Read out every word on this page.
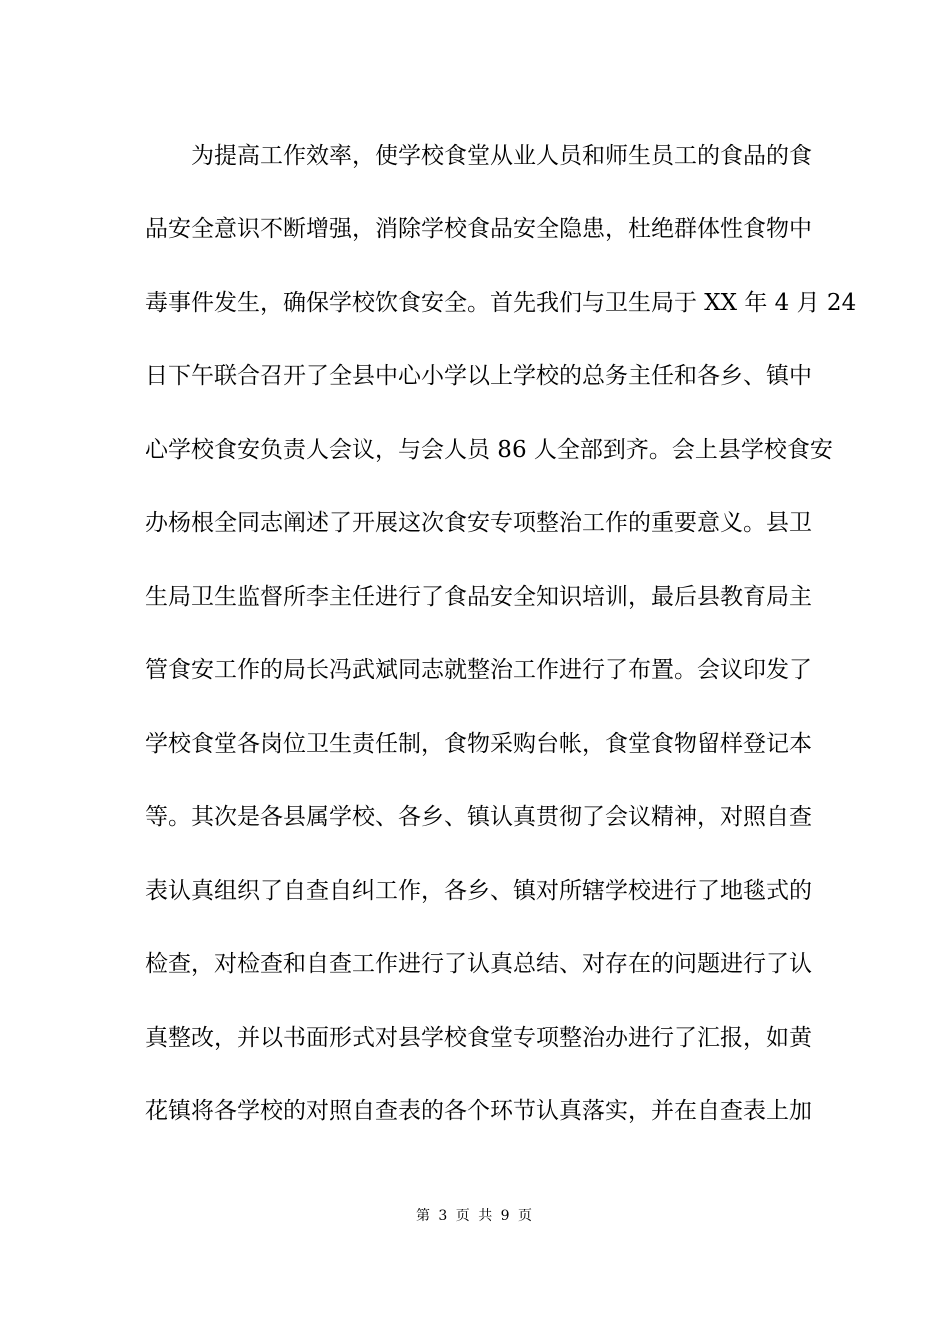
为提高工作效率，使学校食堂从业人员和师生员工的食品的食
品安全意识不断增强，消除学校食品安全隐患，杜绝群体性食物中
毒事件发生，确保学校饮食安全。首先我们与卫生局于 XX 年 4 月 24
日下午联合召开了全县中心小学以上学校的总务主任和各乡、镇中
心学校食安负责人会议，与会人员 86 人全部到齐。会上县学校食安
办杨根全同志阐述了开展这次食安专项整治工作的重要意义。县卫
生局卫生监督所李主任进行了食品安全知识培训，最后县教育局主
管食安工作的局长冯武斌同志就整治工作进行了布置。会议印发了
学校食堂各岗位卫生责任制，食物采购台帐，食堂食物留样登记本
等。其次是各县属学校、各乡、镇认真贯彻了会议精神，对照自查
表认真组织了自查自纠工作，各乡、镇对所辖学校进行了地毯式的
检查，对检查和自查工作进行了认真总结、对存在的问题进行了认
真整改，并以书面形式对县学校食堂专项整治办进行了汇报，如黄
花镇将各学校的对照自查表的各个环节认真落实，并在自查表上加
第 3 页 共 9 页
